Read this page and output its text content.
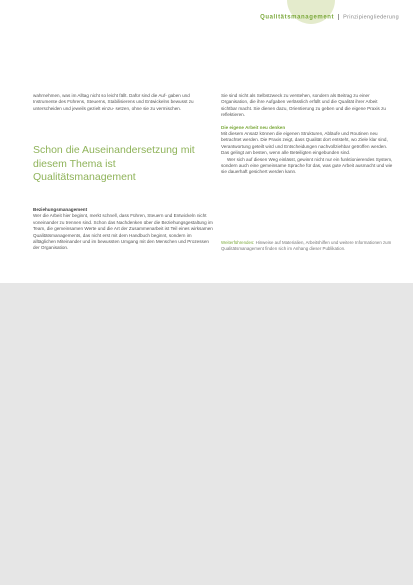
Qualitätsmanagement Prinzipiengliederung

wahrnehmen, was im Alltag nicht so leicht fällt. Dafür sind die Auf- gaben und Instrumente des Führens, Steuerns, Stabilisierens und Entwickelns bewusst zu unterscheiden und jeweils gezielt einzu- setzen, ohne sie zu vermischen.

Schon die Auseinandersetzung mit diesem Thema ist Qualitätsmanagement

Beziehungsmanagement

Wer die Arbeit hier beginnt, merkt schnell, dass Führen, Steuern und Entwickeln nicht voneinander zu trennen sind. Schon das Nachdenken über die Beziehungsgestaltung im Team, die gemeinsamen Werte und die Art der Zusammenarbeit ist Teil eines wirksamen Qualitätsmanagements, das nicht erst mit dem Handbuch beginnt, sondern im alltäglichen Miteinander und im bewussten Umgang mit den Menschen und Prozessen der Organisation.

Sie sind nicht als Selbstzweck zu verstehen, sondern als Beitrag zu einer Organisation, die ihre Aufgaben verlässlich erfüllt und die Qualität ihrer Arbeit sichtbar macht. Sie dienen dazu, Orientierung zu geben und die eigene Praxis zu reflektieren.

Die eigene Arbeit neu denken

Mit diesem Ansatz können die eigenen Strukturen, Abläufe und Routinen neu betrachtet werden. Die Praxis zeigt, dass Qualität dort entsteht, wo Ziele klar sind, Verantwortung geteilt wird und Entscheidungen nachvollziehbar getroffen werden. Das gelingt am besten, wenn alle Beteiligten eingebunden sind.

Wer sich auf diesen Weg einlässt, gewinnt nicht nur ein funktionierendes System, sondern auch eine gemeinsame Sprache für das, was gute Arbeit ausmacht und wie sie dauerhaft gesichert werden kann.

Weiterführendes: Hinweise auf Materialien, Arbeitshilfen und weitere Informationen zum Qualitätsmanagement finden sich im Anhang dieser Publikation.
